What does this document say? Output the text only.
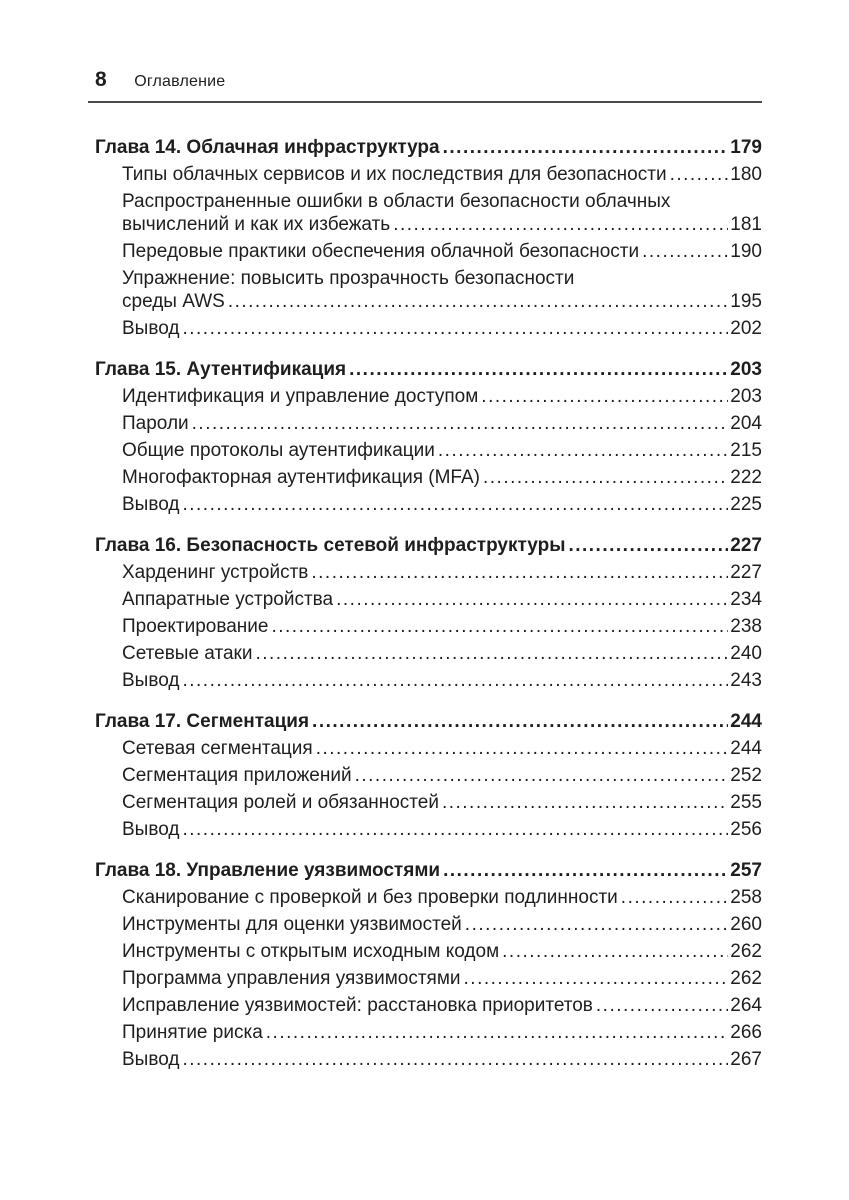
8 Оглавление
Глава 14. Облачная инфраструктура .....	179
Типы облачных сервисов и их последствия для безопасности .....	180
Распространенные ошибки в области безопасности облачных
вычислений и как их избежать .....	181
Передовые практики обеспечения облачной безопасности .....	190
Упражнение: повысить прозрачность безопасности
среды AWS .....	195
Вывод .....	202
Глава 15. Аутентификация .....	203
Идентификация и управление доступом .....	203
Пароли .....	204
Общие протоколы аутентификации .....	215
Многофакторная аутентификация (MFA) .....	222
Вывод .....	225
Глава 16. Безопасность сетевой инфраструктуры .....	227
Харденинг устройств .....	227
Аппаратные устройства .....	234
Проектирование .....	238
Сетевые атаки .....	240
Вывод .....	243
Глава 17. Сегментация .....	244
Сетевая сегментация .....	244
Сегментация приложений .....	252
Сегментация ролей и обязанностей .....	255
Вывод .....	256
Глава 18. Управление уязвимостями .....	257
Сканирование с проверкой и без проверки подлинности .....	258
Инструменты для оценки уязвимостей .....	260
Инструменты с открытым исходным кодом .....	262
Программа управления уязвимостями .....	262
Исправление уязвимостей: расстановка приоритетов .....	264
Принятие риска .....	266
Вывод .....	267
